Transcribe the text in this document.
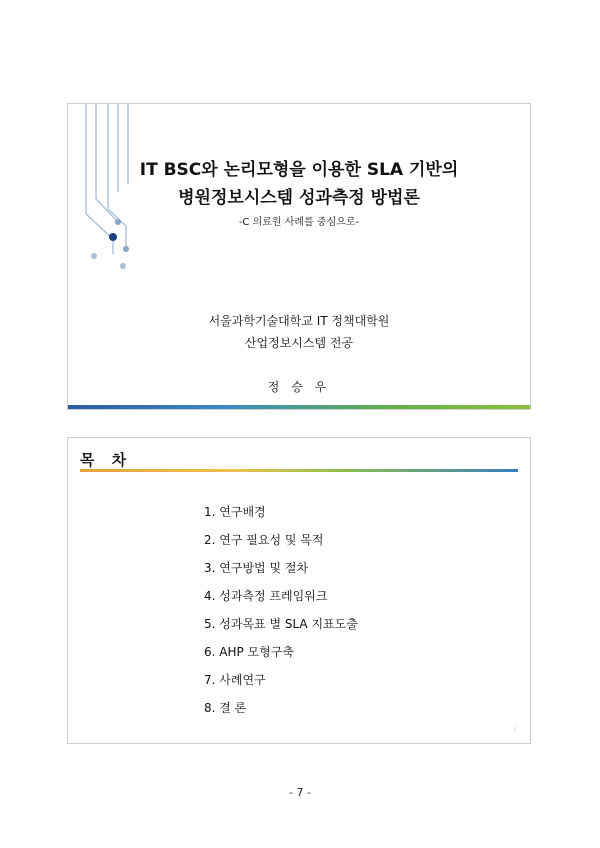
IT BSC와 논리모형을 이용한 SLA 기반의
병원정보시스템 성과측정 방법론
-C 의료원 사례를 중심으로-
서울과학기술대학교 IT 정책대학원
산업정보시스템 전공
정 승 우
목 차
1. 연구배경
2. 연구 필요성 및 목적
3. 연구방법 및 절차
4. 성과측정 프레임워크
5. 성과목표 별 SLA 지표도출
6. AHP 모형구축
7. 사례연구
8. 결 론
I
- 7 -
